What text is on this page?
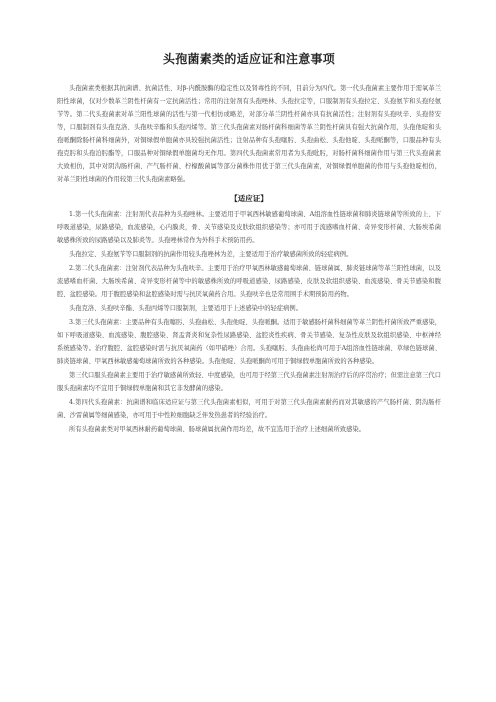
头孢菌素类的适应证和注意事项

头孢菌素类根据其抗菌谱、抗菌活性、对β-内酰胺酶的稳定性以及肾毒性的不同，目前分为四代。第一代头孢菌素主要作用于需氧革兰阳性球菌，仅对少数革兰阴性杆菌有一定抗菌活性；常用的注射剂有头孢唑林、头孢拉定等，口服制剂有头孢拉定、头孢氨苄和头孢羟氨苄等。第二代头孢菌素对革兰阳性球菌的活性与第一代相仿或略差，对部分革兰阴性杆菌亦具有抗菌活性；注射剂有头孢呋辛、头孢替安等，口服制剂有头孢克洛、头孢呋辛酯和头孢丙烯等。第三代头孢菌素对肠杆菌科细菌等革兰阴性杆菌具有强大抗菌作用，头孢他啶和头孢哌酮除肠杆菌科细菌外，对铜绿假单胞菌亦具较强抗菌活性；注射品种有头孢噻肟、头孢曲松、头孢他啶、头孢哌酮等，口服品种有头孢克肟和头孢泊肟酯等，口服品种对铜绿假单胞菌均无作用。第四代头孢菌素常用者为头孢吡肟，对肠杆菌科细菌作用与第三代头孢菌素大致相仿，其中对阴沟肠杆菌、产气肠杆菌、柠檬酸菌属等部分菌株作用优于第三代头孢菌素，对铜绿假单胞菌的作用与头孢他啶相仿，对革兰阳性球菌的作用较第三代头孢菌素略强。

【适应证】

1.第一代头孢菌素：注射剂代表品种为头孢唑林。主要适用于甲氧西林敏感葡萄球菌、A组溶血性链球菌和肺炎链球菌等所致的上、下呼吸道感染，尿路感染，血流感染，心内膜炎，骨、关节感染及皮肤软组织感染等；亦可用于流感嗜血杆菌、奇异变形杆菌、大肠埃希菌敏感株所致的尿路感染以及肺炎等。头孢唑林常作为外科手术预防用药。

头孢拉定、头孢氨苄等口服制剂的抗菌作用较头孢唑林为差，主要适用于治疗敏感菌所致的轻症病例。

2.第二代头孢菌素：注射剂代表品种为头孢呋辛。主要用于治疗甲氧西林敏感葡萄球菌、链球菌属、肺炎链球菌等革兰阳性球菌，以及流感嗜血杆菌、大肠埃希菌、奇异变形杆菌等中的敏感株所致的呼吸道感染、尿路感染、皮肤及软组织感染、血流感染、骨关节感染和腹腔、盆腔感染。用于腹腔感染和盆腔感染时需与抗厌氧菌药合用。头孢呋辛也是常用围手术期预防用药物。

头孢克洛、头孢呋辛酯、头孢丙烯等口服制剂，主要适用于上述感染中的轻症病例。

3.第三代头孢菌素：主要品种有头孢噻肟、头孢曲松、头孢他啶、头孢哌酮。适用于敏感肠杆菌科细菌等革兰阴性杆菌所致严重感染，如下呼吸道感染、血流感染、腹腔感染、肾盂肾炎和复杂性尿路感染、盆腔炎性疾病、骨关节感染、复杂性皮肤及软组织感染、中枢神经系统感染等。治疗腹腔、盆腔感染时需与抗厌氧菌药（如甲硝唑）合用。头孢噻肟、头孢曲松尚可用于A组溶血性链球菌、草绿色链球菌、肺炎链球菌、甲氧西林敏感葡萄球菌所致的各种感染。头孢他啶、头孢哌酮尚可用于铜绿假单胞菌所致的各种感染。

第三代口服头孢菌素主要用于治疗敏感菌所致轻、中度感染，也可用于经第三代头孢菌素注射剂治疗后的序贯治疗；但需注意第三代口服头孢菌素均不宜用于铜绿假单胞菌和其它非发酵菌的感染。

4.第四代头孢菌素：抗菌谱和临床适应证与第三代头孢菌素相似，可用于对第三代头孢菌素耐药而对其敏感的产气肠杆菌、阴沟肠杆菌、沙雷菌属等细菌感染，亦可用于中性粒细胞缺乏伴发热患者的经验治疗。

所有头孢菌素类对甲氧西林耐药葡萄球菌、肠球菌属抗菌作用均差，故不宜选用于治疗上述细菌所致感染。
